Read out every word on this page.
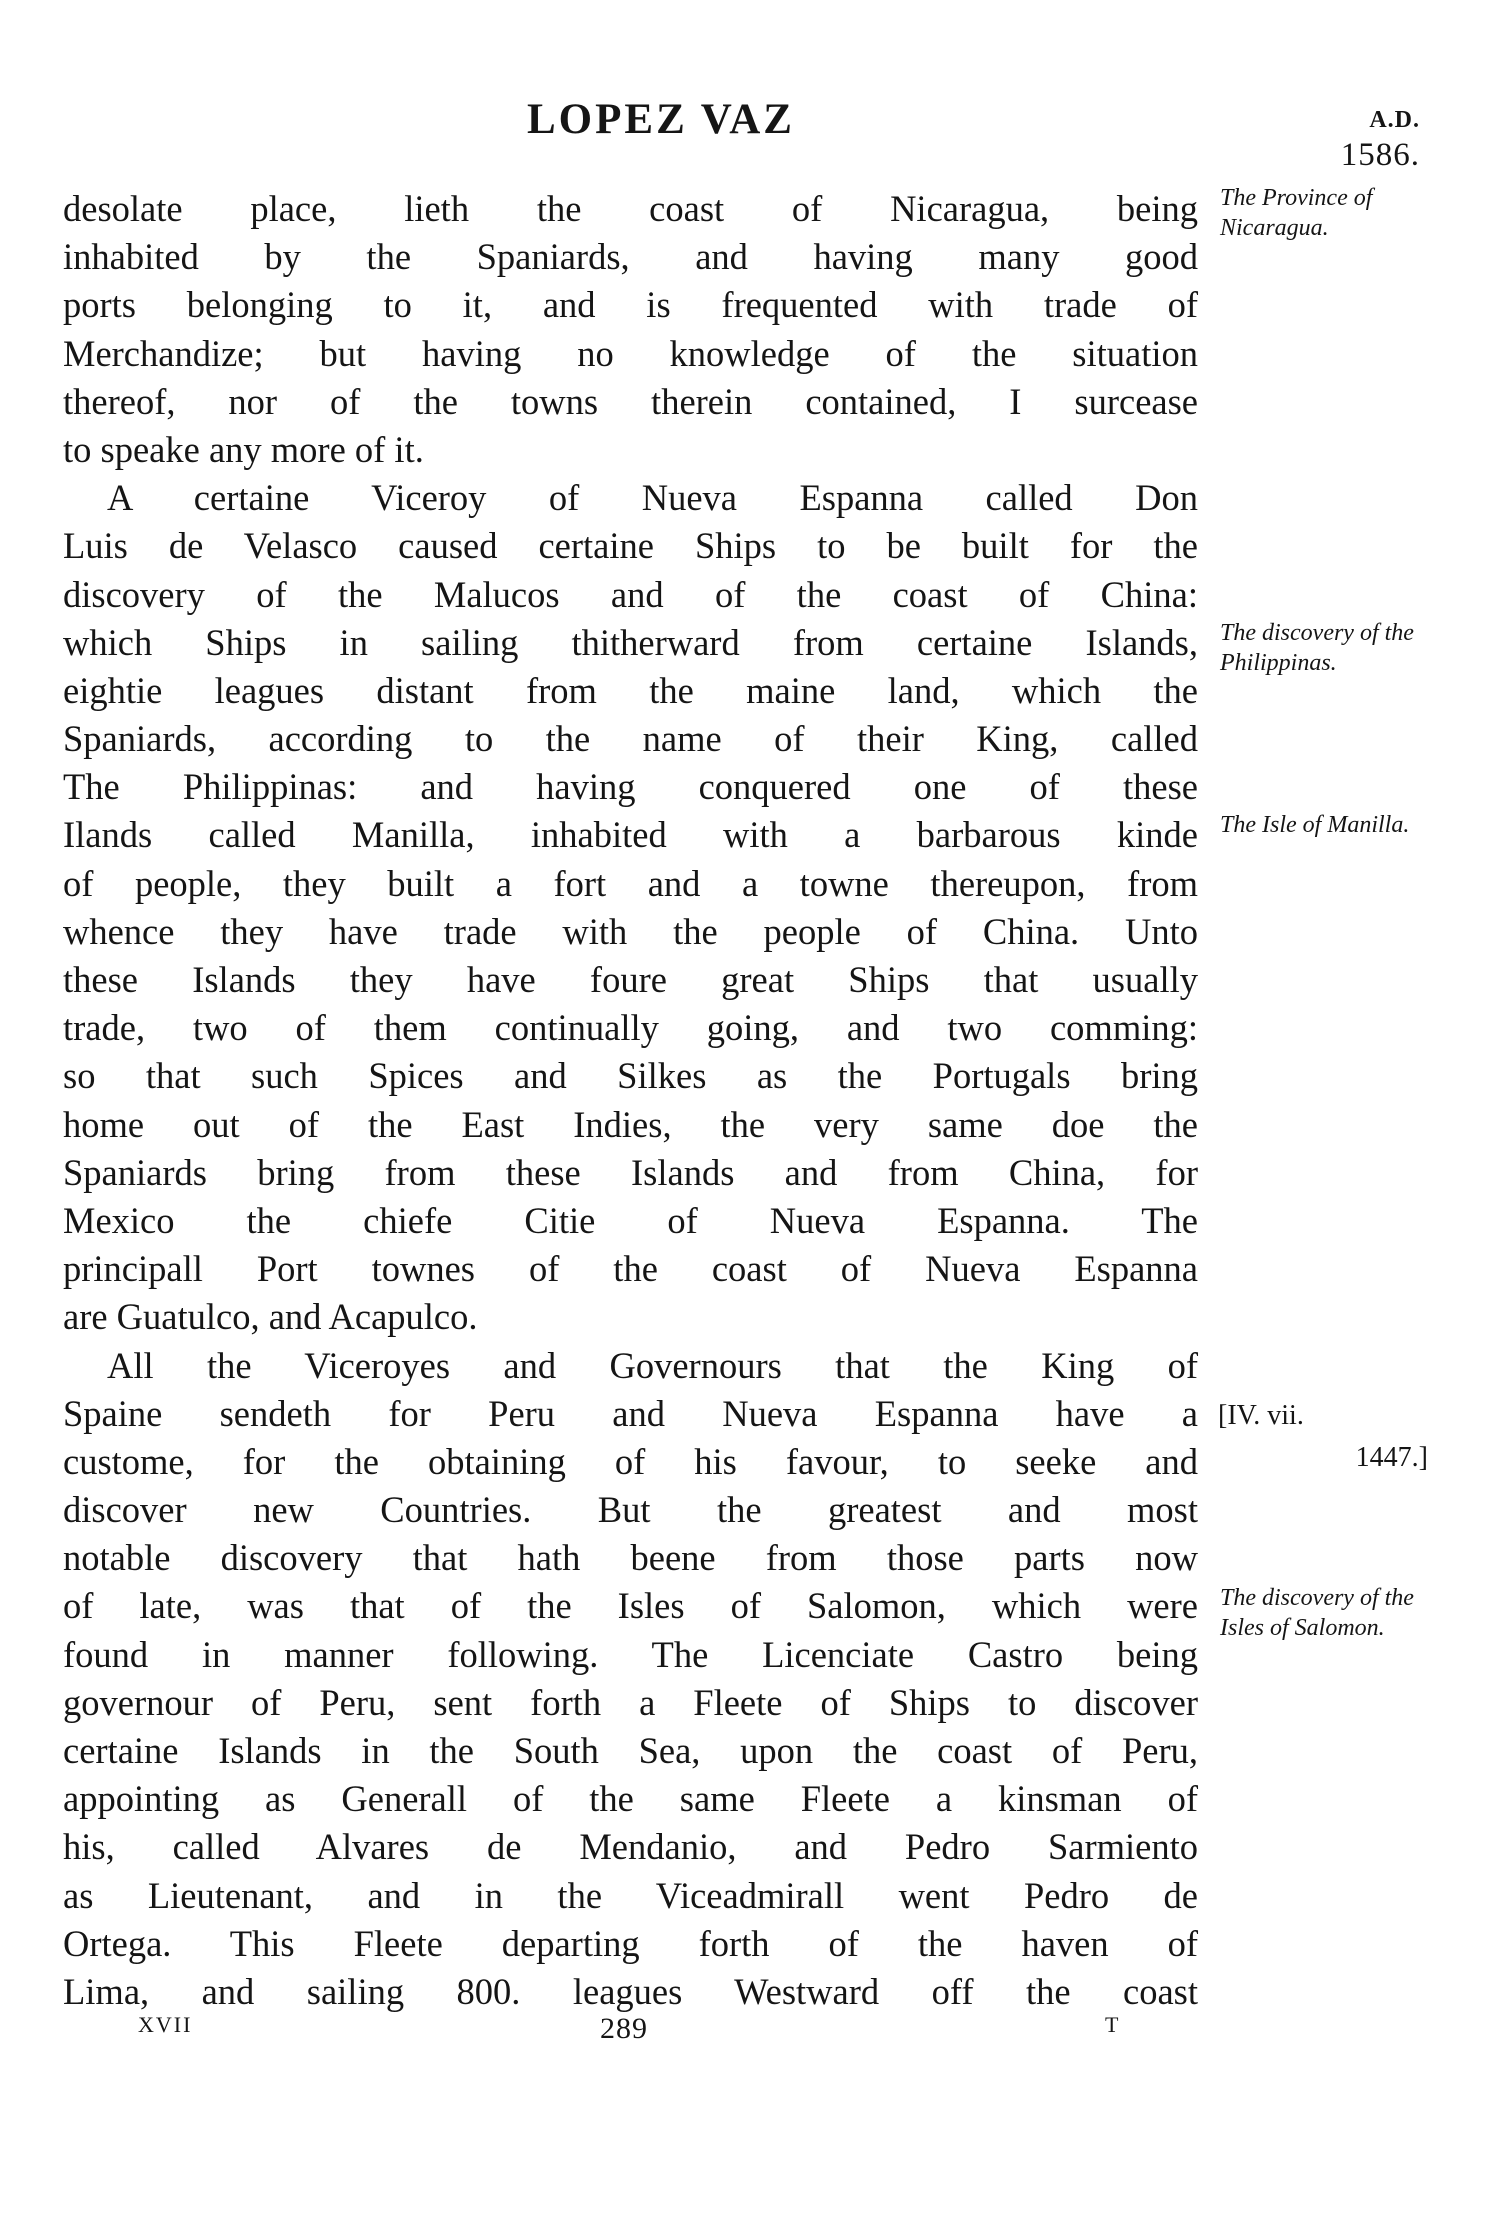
LOPEZ VAZ	A.D.
1586.
desolate place, lieth the coast of Nicaragua, being
inhabited by the Spaniards, and having many good
ports belonging to it, and is frequented with trade of
Merchandize; but having no knowledge of the situation
thereof, nor of the towns therein contained, I surcease
to speake any more of it.
A certaine Viceroy of Nueva Espanna called Don
Luis de Velasco caused certaine Ships to be built for the
discovery of the Malucos and of the coast of China:
which Ships in sailing thitherward from certaine Islands,
eightie leagues distant from the maine land, which the
Spaniards, according to the name of their King, called
The Philippinas: and having conquered one of these
Ilands called Manilla, inhabited with a barbarous kinde
of people, they built a fort and a towne thereupon, from
whence they have trade with the people of China. Unto
these Islands they have foure great Ships that usually
trade, two of them continually going, and two comming:
so that such Spices and Silkes as the Portugals bring
home out of the East Indies, the very same doe the
Spaniards bring from these Islands and from China, for
Mexico the chiefe Citie of Nueva Espanna. The
principall Port townes of the coast of Nueva Espanna
are Guatulco, and Acapulco.
All the Viceroyes and Governours that the King of
Spaine sendeth for Peru and Nueva Espanna have a
custome, for the obtaining of his favour, to seeke and
discover new Countries. But the greatest and most
notable discovery that hath beene from those parts now
of late, was that of the Isles of Salomon, which were
found in manner following. The Licenciate Castro being
governour of Peru, sent forth a Fleete of Ships to discover
certaine Islands in the South Sea, upon the coast of Peru,
appointing as Generall of the same Fleete a kinsman of
his, called Alvares de Mendanio, and Pedro Sarmiento
as Lieutenant, and in the Viceadmirall went Pedro de
Ortega. This Fleete departing forth of the haven of
Lima, and sailing 800. leagues Westward off the coast
The Province of Nicaragua.
The discovery of the Philippinas.
The Isle of Manilla.
The discovery of the Isles of Salomon.
[IV. vii.
1447.]
XVII	289	T
